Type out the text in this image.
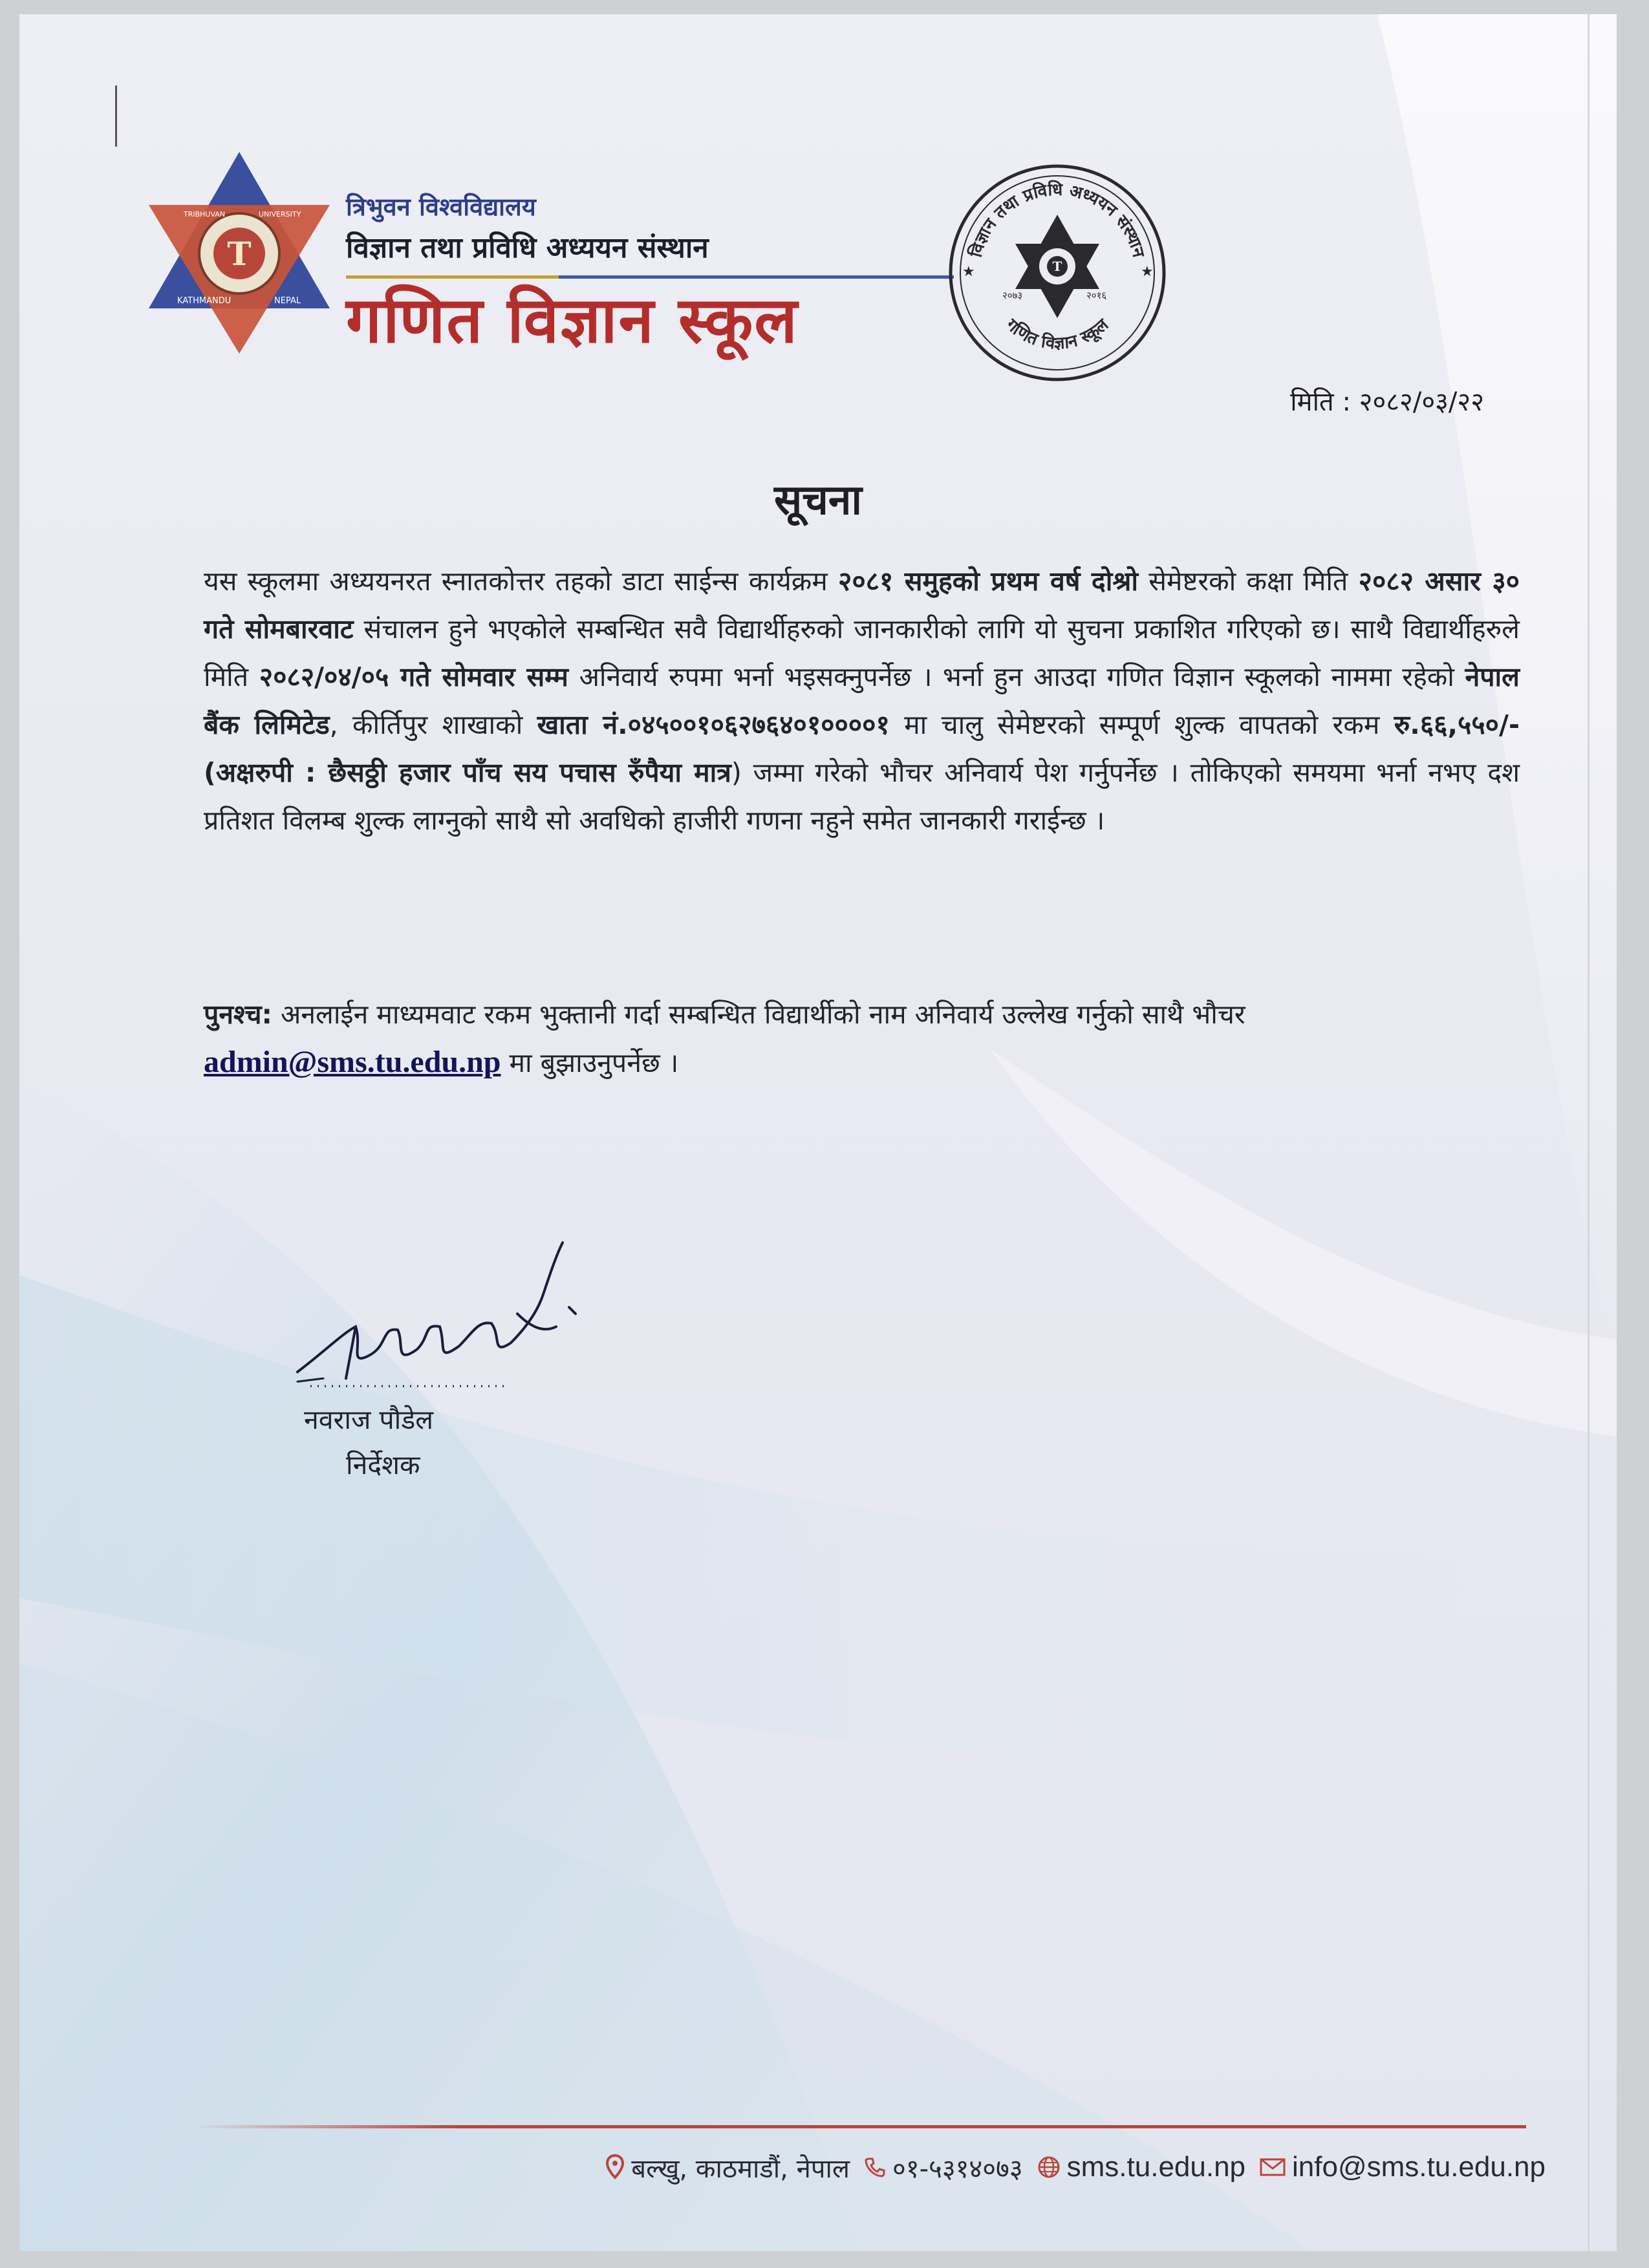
T
TRIBHUVAN	UNIVERSITY
KATHMANDU	NEPAL
त्रिभुवन विश्वविद्यालय
विज्ञान तथा प्रविधि अध्ययन संस्थान
गणित विज्ञान स्कूल
विज्ञान तथा प्रविधि अध्ययन संस्थान
गणित विज्ञान स्कूल
T
२०७३	२०१६
★	★
मिति : २०८२/०३/२२
सूचना

यस स्कूलमा अध्ययनरत स्नातकोत्तर तहको डाटा साईन्स कार्यक्रम २०८१ समुहको प्रथम वर्ष दोश्रो सेमेष्टरको कक्षा मिति २०८२ असार ३० गते सोमबारवाट संचालन हुने भएकोले सम्बन्धित सवै विद्यार्थीहरुको जानकारीको लागि यो सुचना प्रकाशित गरिएको छ। साथै विद्यार्थीहरुले मिति २०८२/०४/०५ गते सोमवार सम्म अनिवार्य रुपमा भर्ना भइसक्नुपर्नेछ । भर्ना हुन आउदा गणित विज्ञान स्कूलको नाममा रहेको नेपाल बैंक लिमिटेड, कीर्तिपुर शाखाको खाता नं.०४५००१०६२७६४०१००००१ मा चालु सेमेष्टरको सम्पूर्ण शुल्क वापतको रकम रु.६६,५५०/- (अक्षरुपी : छैसठ्ठी हजार पाँच सय पचास रुँपैया मात्र) जम्मा गरेको भौचर अनिवार्य पेश गर्नुपर्नेछ । तोकिएको समयमा भर्ना नभए दश प्रतिशत विलम्ब शुल्क लाग्नुको साथै सो अवधिको हाजीरी गणना नहुने समेत जानकारी गराईन्छ ।

पुनश्च: अनलाईन माध्यमवाट रकम भुक्तानी गर्दा सम्बन्धित विद्यार्थीको नाम अनिवार्य उल्लेख गर्नुको साथै भौचर
admin@sms.tu.edu.np मा बुझाउनुपर्नेछ ।
नवराज पौडेल
निर्देशक
बल्खु, काठमाडौं, नेपाल ०१-५३१४०७३ sms.tu.edu.np info@sms.tu.edu.np
